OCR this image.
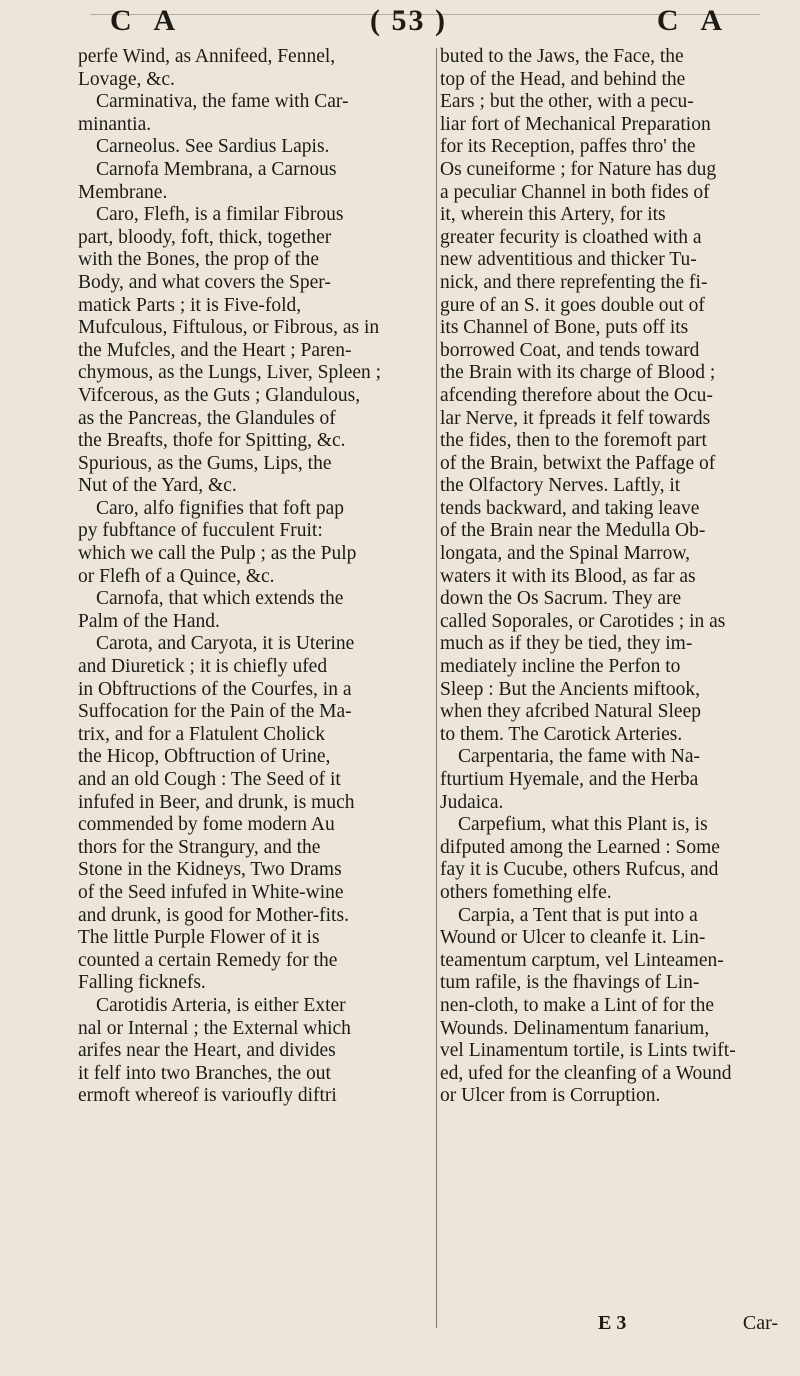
C A	( 53 )	C A
perfe Wind, as Annifeed, Fennel,
Lovage, &c.
Carminativa, the fame with Car-
minantia.
Carneolus. See Sardius Lapis.
Carnofa Membrana, a Carnous
Membrane.
Caro, Flefh, is a fimilar Fibrous
part, bloody, foft, thick, together
with the Bones, the prop of the
Body, and what covers the Sper-
matick Parts ; it is Five-fold,
Mufculous, Fiftulous, or Fibrous, as in
the Mufcles, and the Heart ; Paren-
chymous, as the Lungs, Liver, Spleen ;
Vifcerous, as the Guts ; Glandulous,
as the Pancreas, the Glandules of
the Breafts, thofe for Spitting, &c.
Spurious, as the Gums, Lips, the
Nut of the Yard, &c.
Caro, alfo fignifies that foft pap
py fubftance of fucculent Fruit:
which we call the Pulp ; as the Pulp
or Flefh of a Quince, &c.
Carnofa, that which extends the
Palm of the Hand.
Carota, and Caryota, it is Uterine
and Diuretick ; it is chiefly ufed
in Obftructions of the Courfes, in a
Suffocation for the Pain of the Ma-
trix, and for a Flatulent Cholick
the Hicop, Obftruction of Urine,
and an old Cough : The Seed of it
infufed in Beer, and drunk, is much
commended by fome modern Au
thors for the Strangury, and the
Stone in the Kidneys, Two Drams
of the Seed infufed in White-wine
and drunk, is good for Mother-fits.
The little Purple Flower of it is
counted a certain Remedy for the
Falling ficknefs.
Carotidis Arteria, is either Exter
nal or Internal ; the External which
arifes near the Heart, and divides
it felf into two Branches, the out
ermoft whereof is varioufly diftri
buted to the Jaws, the Face, the
top of the Head, and behind the
Ears ; but the other, with a pecu-
liar fort of Mechanical Preparation
for its Reception, paffes thro' the
Os cuneiforme ; for Nature has dug
a peculiar Channel in both fides of
it, wherein this Artery, for its
greater fecurity is cloathed with a
new adventitious and thicker Tu-
nick, and there reprefenting the fi-
gure of an S. it goes double out of
its Channel of Bone, puts off its
borrowed Coat, and tends toward
the Brain with its charge of Blood ;
afcending therefore about the Ocu-
lar Nerve, it fpreads it felf towards
the fides, then to the foremoft part
of the Brain, betwixt the Paffage of
the Olfactory Nerves. Laftly, it
tends backward, and taking leave
of the Brain near the Medulla Ob-
longata, and the Spinal Marrow,
waters it with its Blood, as far as
down the Os Sacrum. They are
called Soporales, or Carotides ; in as
much as if they be tied, they im-
mediately incline the Perfon to
Sleep : But the Ancients miftook,
when they afcribed Natural Sleep
to them. The Carotick Arteries.
Carpentaria, the fame with Na-
fturtium Hyemale, and the Herba
Judaica.
Carpefium, what this Plant is, is
difputed among the Learned : Some
fay it is Cucube, others Rufcus, and
others fomething elfe.
Carpia, a Tent that is put into a
Wound or Ulcer to cleanfe it. Lin-
teamentum carptum, vel Linteamen-
tum rafile, is the fhavings of Lin-
nen-cloth, to make a Lint of for the
Wounds. Delinamentum fanarium,
vel Linamentum tortile, is Lints twift-
ed, ufed for the cleanfing of a Wound
or Ulcer from is Corruption.
E 3	Car-
